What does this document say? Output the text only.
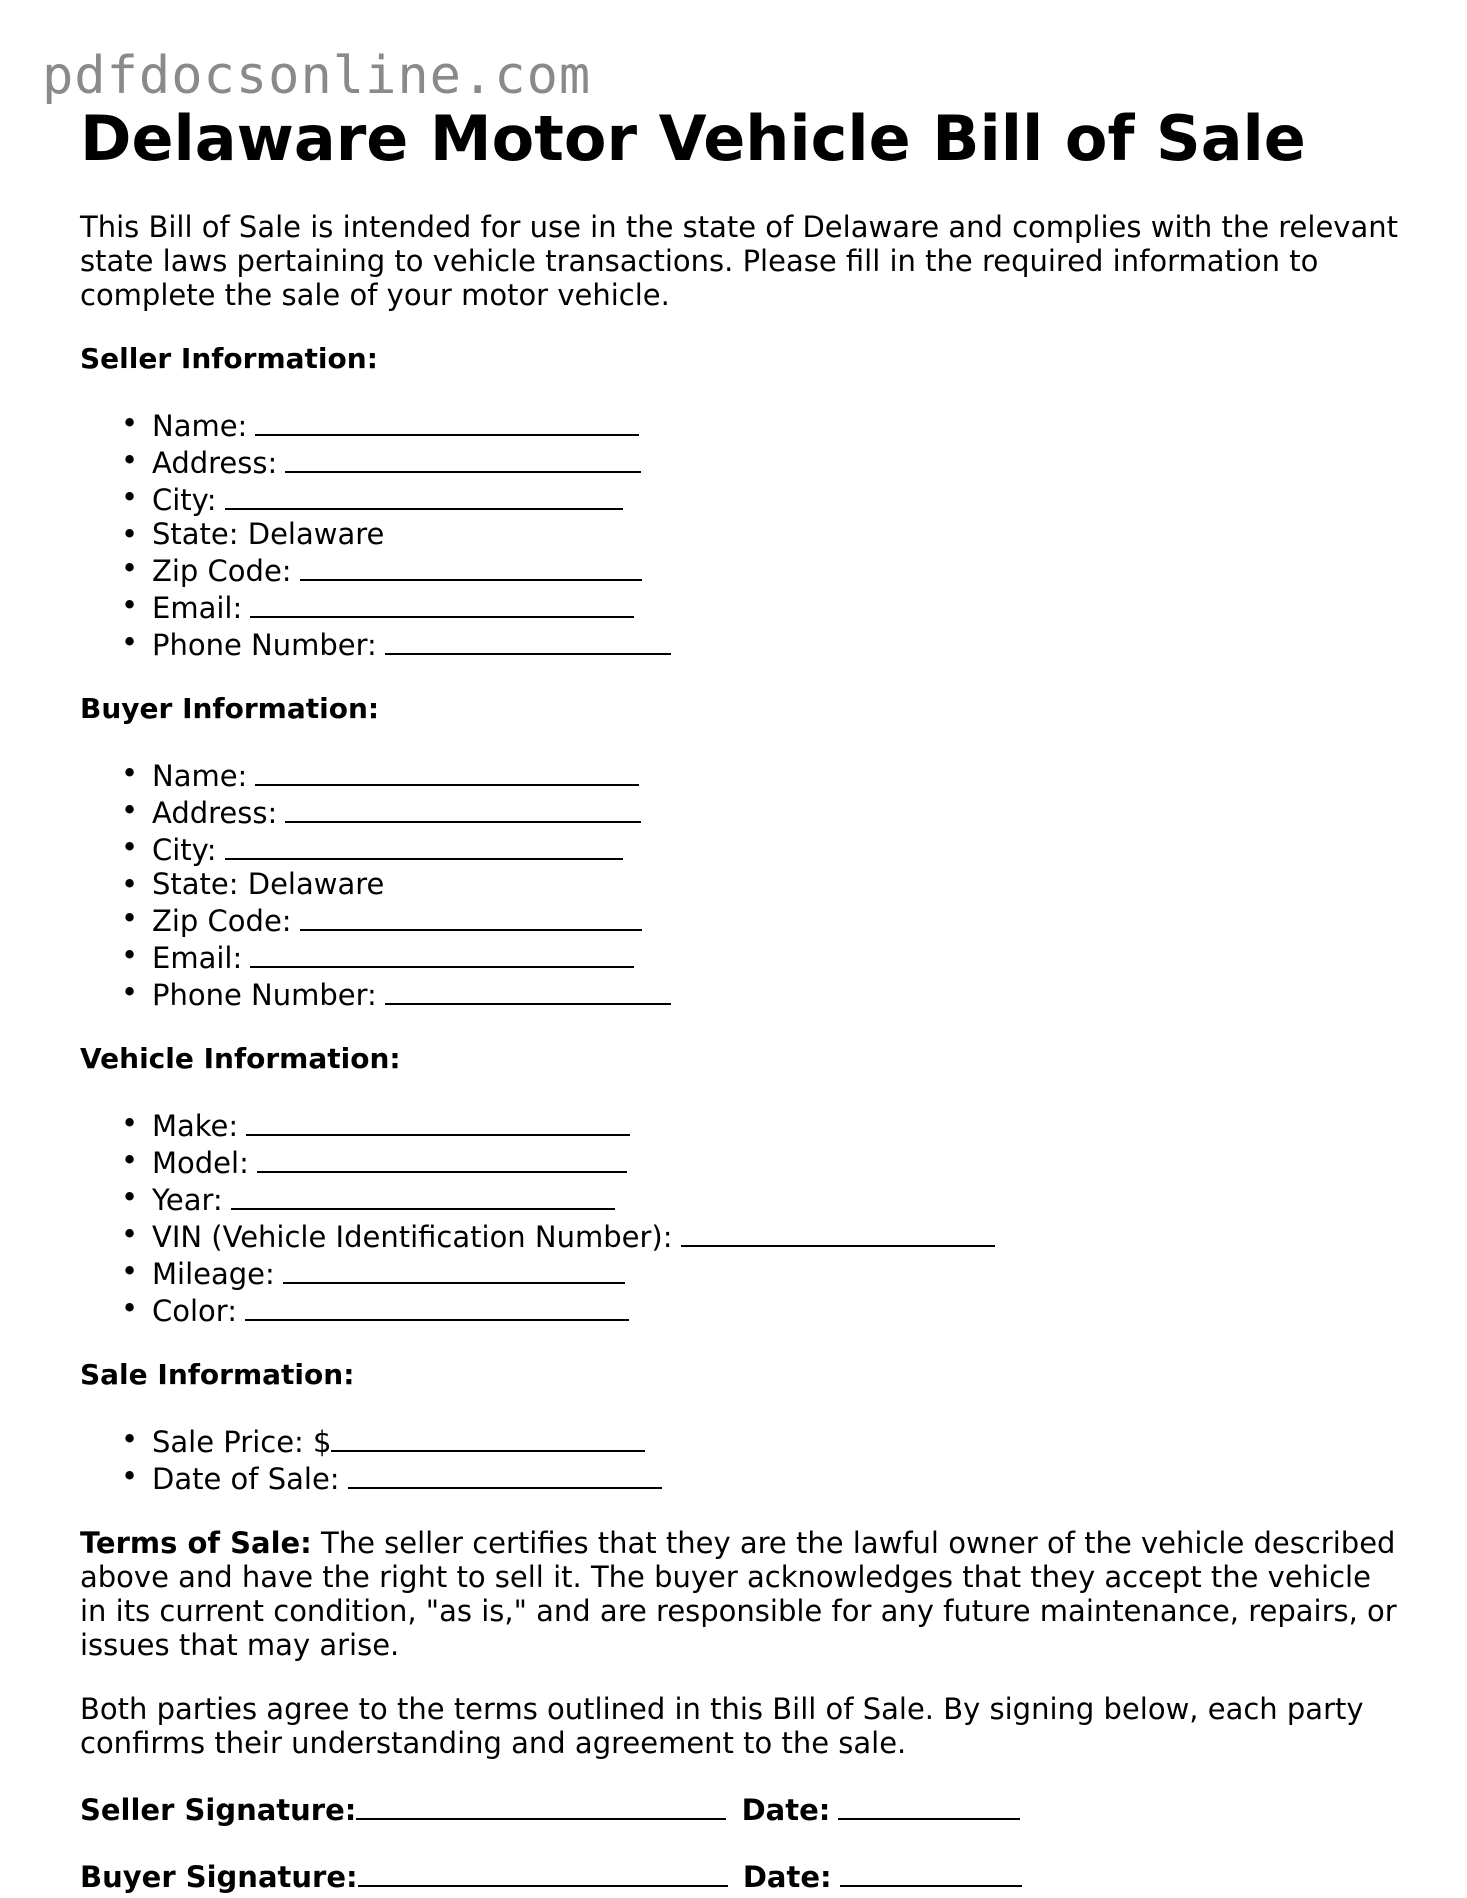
pdfdocsonline.com
Delaware Motor Vehicle Bill of Sale

This Bill of Sale is intended for use in the state of Delaware and complies with the relevant state laws pertaining to vehicle transactions. Please fill in the required information to complete the sale of your motor vehicle.

Seller Information:
• Name:
• Address:
• City:
• State: Delaware
• Zip Code:
• Email:
• Phone Number:
Buyer Information:
• Name:
• Address:
• City:
• State: Delaware
• Zip Code:
• Email:
• Phone Number:
Vehicle Information:
• Make:
• Model:
• Year:
• VIN (Vehicle Identification Number):
• Mileage:
• Color:
Sale Information:
• Sale Price: $
• Date of Sale:

Terms of Sale: The seller certifies that they are the lawful owner of the vehicle described above and have the right to sell it. The buyer acknowledges that they accept the vehicle in its current condition, "as is," and are responsible for any future maintenance, repairs, or issues that may arise.

Both parties agree to the terms outlined in this Bill of Sale. By signing below, each party confirms their understanding and agreement to the sale.

Seller Signature:	Date:
Buyer Signature:	Date:
